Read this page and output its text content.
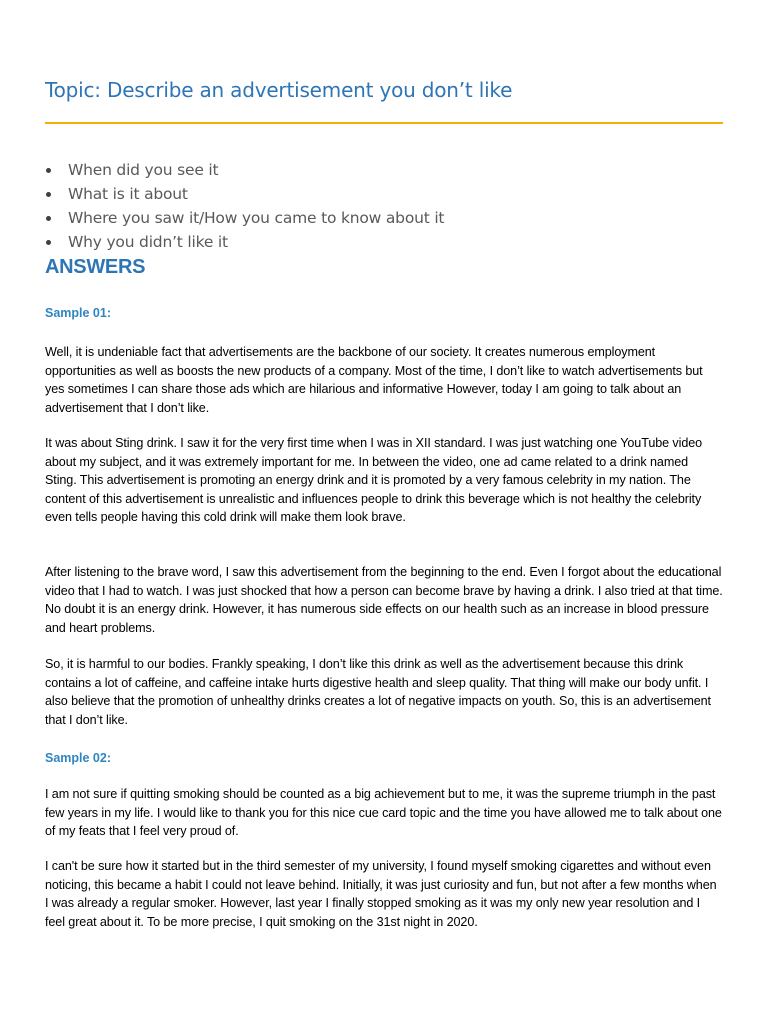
Topic: Describe an advertisement you don’t like
When did you see it
What is it about
Where you saw it/How you came to know about it
Why you didn’t like it
ANSWERS
Sample 01:

Well, it is undeniable fact that advertisements are the backbone of our society. It creates numerous employment opportunities as well as boosts the new products of a company. Most of the time, I don’t like to watch advertisements but yes sometimes I can share those ads which are hilarious and informative However, today I am going to talk about an advertisement that I don’t like.

It was about Sting drink. I saw it for the very first time when I was in XII standard. I was just watching one YouTube video about my subject, and it was extremely important for me. In between the video, one ad came related to a drink named Sting. This advertisement is promoting an energy drink and it is promoted by a very famous celebrity in my nation. The content of this advertisement is unrealistic and influences people to drink this beverage which is not healthy the celebrity even tells people having this cold drink will make them look brave.

After listening to the brave word, I saw this advertisement from the beginning to the end. Even I forgot about the educational video that I had to watch. I was just shocked that how a person can become brave by having a drink. I also tried at that time. No doubt it is an energy drink. However, it has numerous side effects on our health such as an increase in blood pressure and heart problems.

So, it is harmful to our bodies. Frankly speaking, I don’t like this drink as well as the advertisement because this drink contains a lot of caffeine, and caffeine intake hurts digestive health and sleep quality. That thing will make our body unfit. I also believe that the promotion of unhealthy drinks creates a lot of negative impacts on youth. So, this is an advertisement that I don’t like.

Sample 02:

I am not sure if quitting smoking should be counted as a big achievement but to me, it was the supreme triumph in the past few years in my life. I would like to thank you for this nice cue card topic and the time you have allowed me to talk about one of my feats that I feel very proud of.

I can't be sure how it started but in the third semester of my university, I found myself smoking cigarettes and without even noticing, this became a habit I could not leave behind. Initially, it was just curiosity and fun, but not after a few months when I was already a regular smoker. However, last year I finally stopped smoking as it was my only new year resolution and I feel great about it. To be more precise, I quit smoking on the 31st night in 2020.
